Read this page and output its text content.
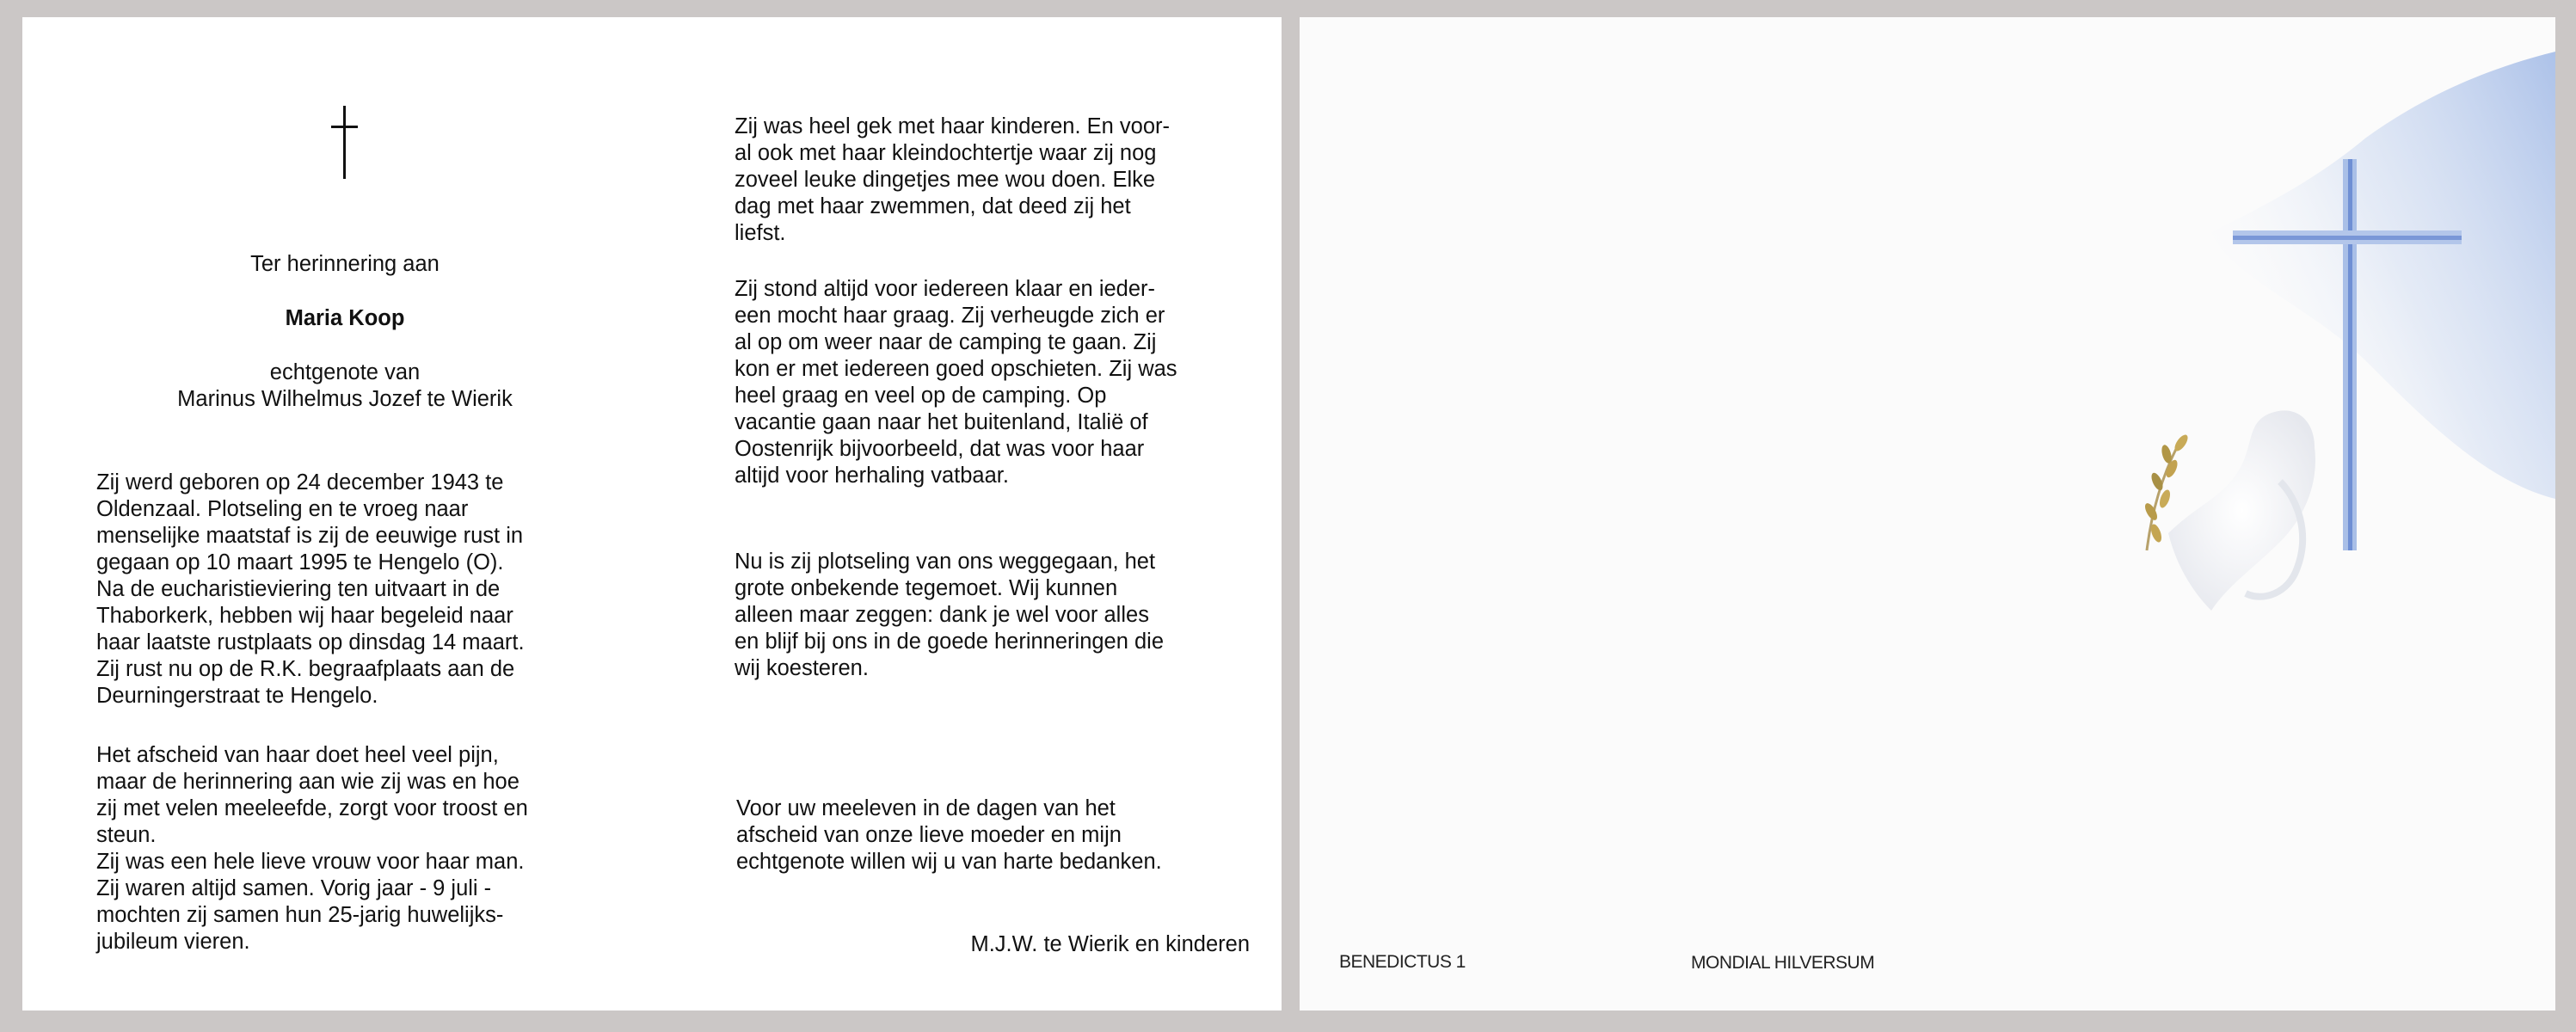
Ter herinnering aan
Maria Koop
echtgenote van
Marinus Wilhelmus Jozef te Wierik

Zij werd geboren op 24 december 1943 te
Oldenzaal. Plotseling en te vroeg naar
menselijke maatstaf is zij de eeuwige rust in
gegaan op 10 maart 1995 te Hengelo (O).
Na de eucharistieviering ten uitvaart in de
Thaborkerk, hebben wij haar begeleid naar
haar laatste rustplaats op dinsdag 14 maart.
Zij rust nu op de R.K. begraafplaats aan de
Deurningerstraat te Hengelo.

Het afscheid van haar doet heel veel pijn,
maar de herinnering aan wie zij was en hoe
zij met velen meeleefde, zorgt voor troost en
steun.
Zij was een hele lieve vrouw voor haar man.
Zij waren altijd samen. Vorig jaar - 9 juli -
mochten zij samen hun 25-jarig huwelijks-
jubileum vieren.

Zij was heel gek met haar kinderen. En voor-
al ook met haar kleindochtertje waar zij nog
zoveel leuke dingetjes mee wou doen. Elke
dag met haar zwemmen, dat deed zij het
liefst.

Zij stond altijd voor iedereen klaar en ieder-
een mocht haar graag. Zij verheugde zich er
al op om weer naar de camping te gaan. Zij
kon er met iedereen goed opschieten. Zij was
heel graag en veel op de camping. Op
vacantie gaan naar het buitenland, Italië of
Oostenrijk bijvoorbeeld, dat was voor haar
altijd voor herhaling vatbaar.

Nu is zij plotseling van ons weggegaan, het
grote onbekende tegemoet. Wij kunnen
alleen maar zeggen: dank je wel voor alles
en blijf bij ons in de goede herinneringen die
wij koesteren.

Voor uw meeleven in de dagen van het
afscheid van onze lieve moeder en mijn
echtgenote willen wij u van harte bedanken.

M.J.W. te Wierik en kinderen
BENEDICTUS 1	MONDIAL HILVERSUM
